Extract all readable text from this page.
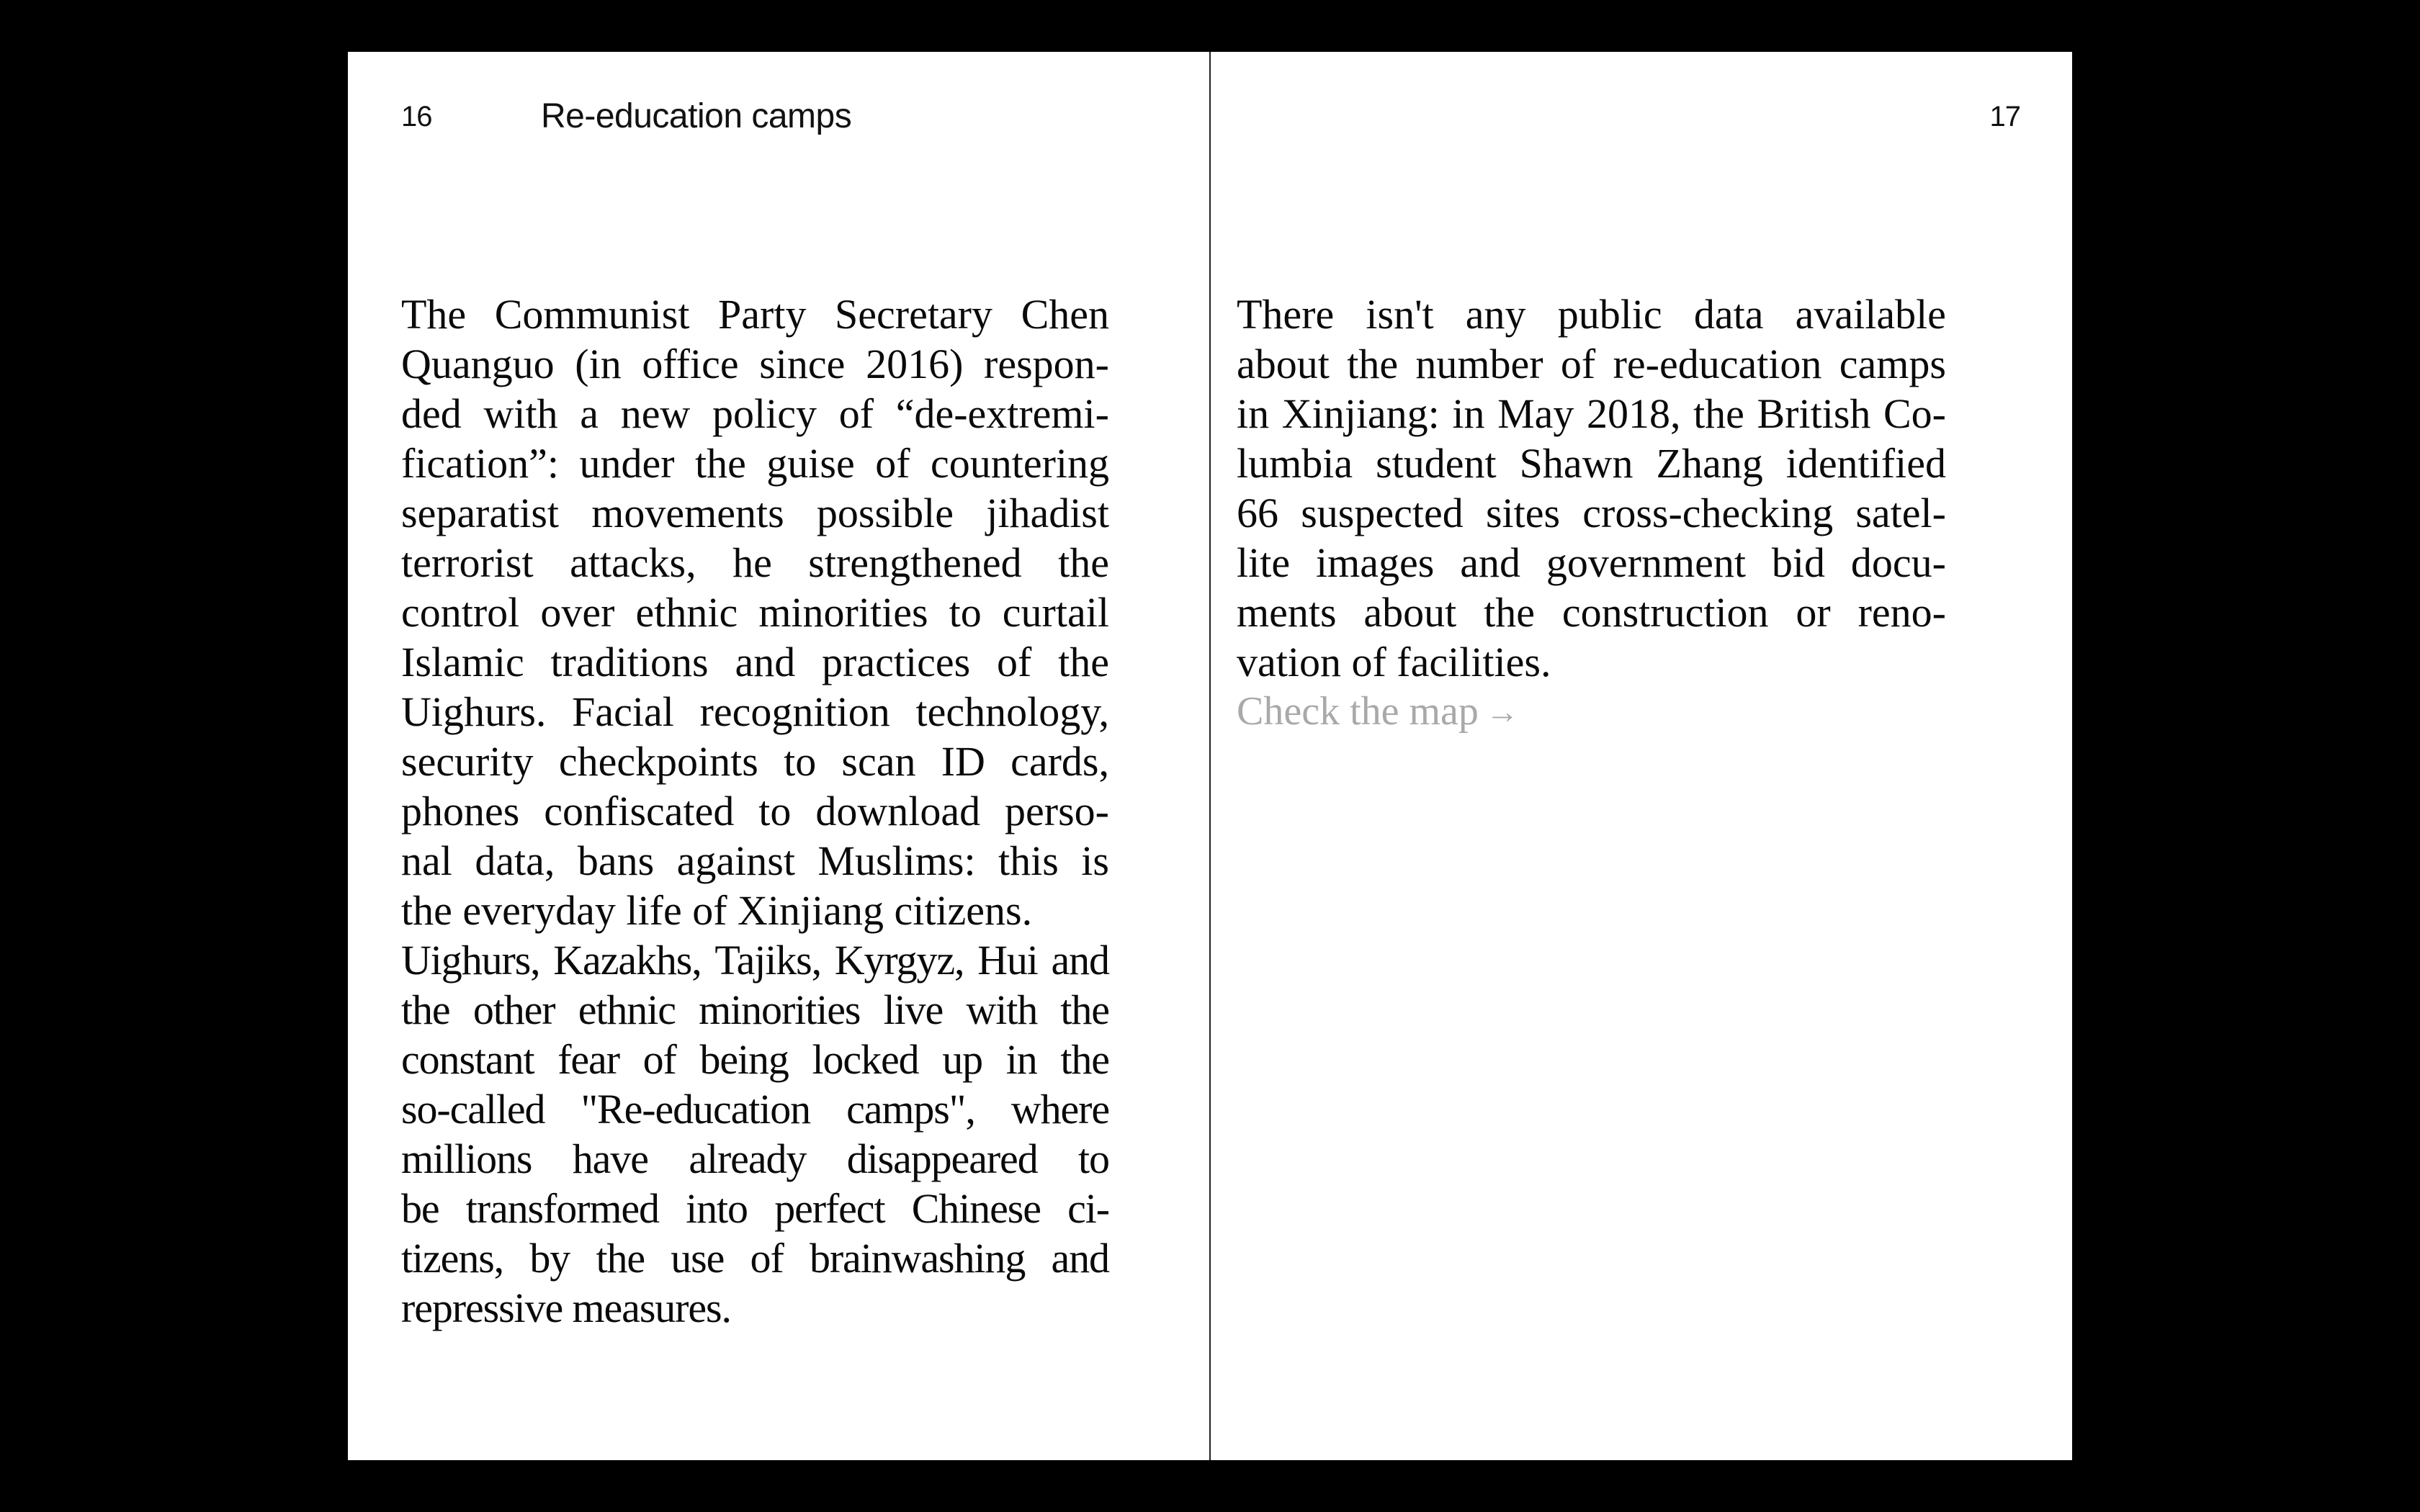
16	Re-education camps
The Communist Party Secretary Chen
Quanguo (in office since 2016) respon-
ded with a new policy of “de-extremi-
fication”: under the guise of countering
separatist movements possible jihadist
terrorist attacks, he strengthened the
control over ethnic minorities to curtail
Islamic traditions and practices of the
Uighurs. Facial recognition technology,
security checkpoints to scan ID cards,
phones confiscated to download perso-
nal data, bans against Muslims: this is
the everyday life of Xinjiang citizens.
Uighurs, Kazakhs, Tajiks, Kyrgyz, Hui and
the other ethnic minorities live with the
constant fear of being locked up in the
so-called "Re-education camps", where
millions have already disappeared to
be transformed into perfect Chinese ci-
tizens, by the use of brainwashing and
repressive measures.
17
There isn't any public data available
about the number of re-education camps
in Xinjiang: in May 2018, the British Co-
lumbia student Shawn Zhang identified
66 suspected sites cross-checking satel-
lite images and government bid docu-
ments about the construction or reno-
vation of facilities.
Check the map →
